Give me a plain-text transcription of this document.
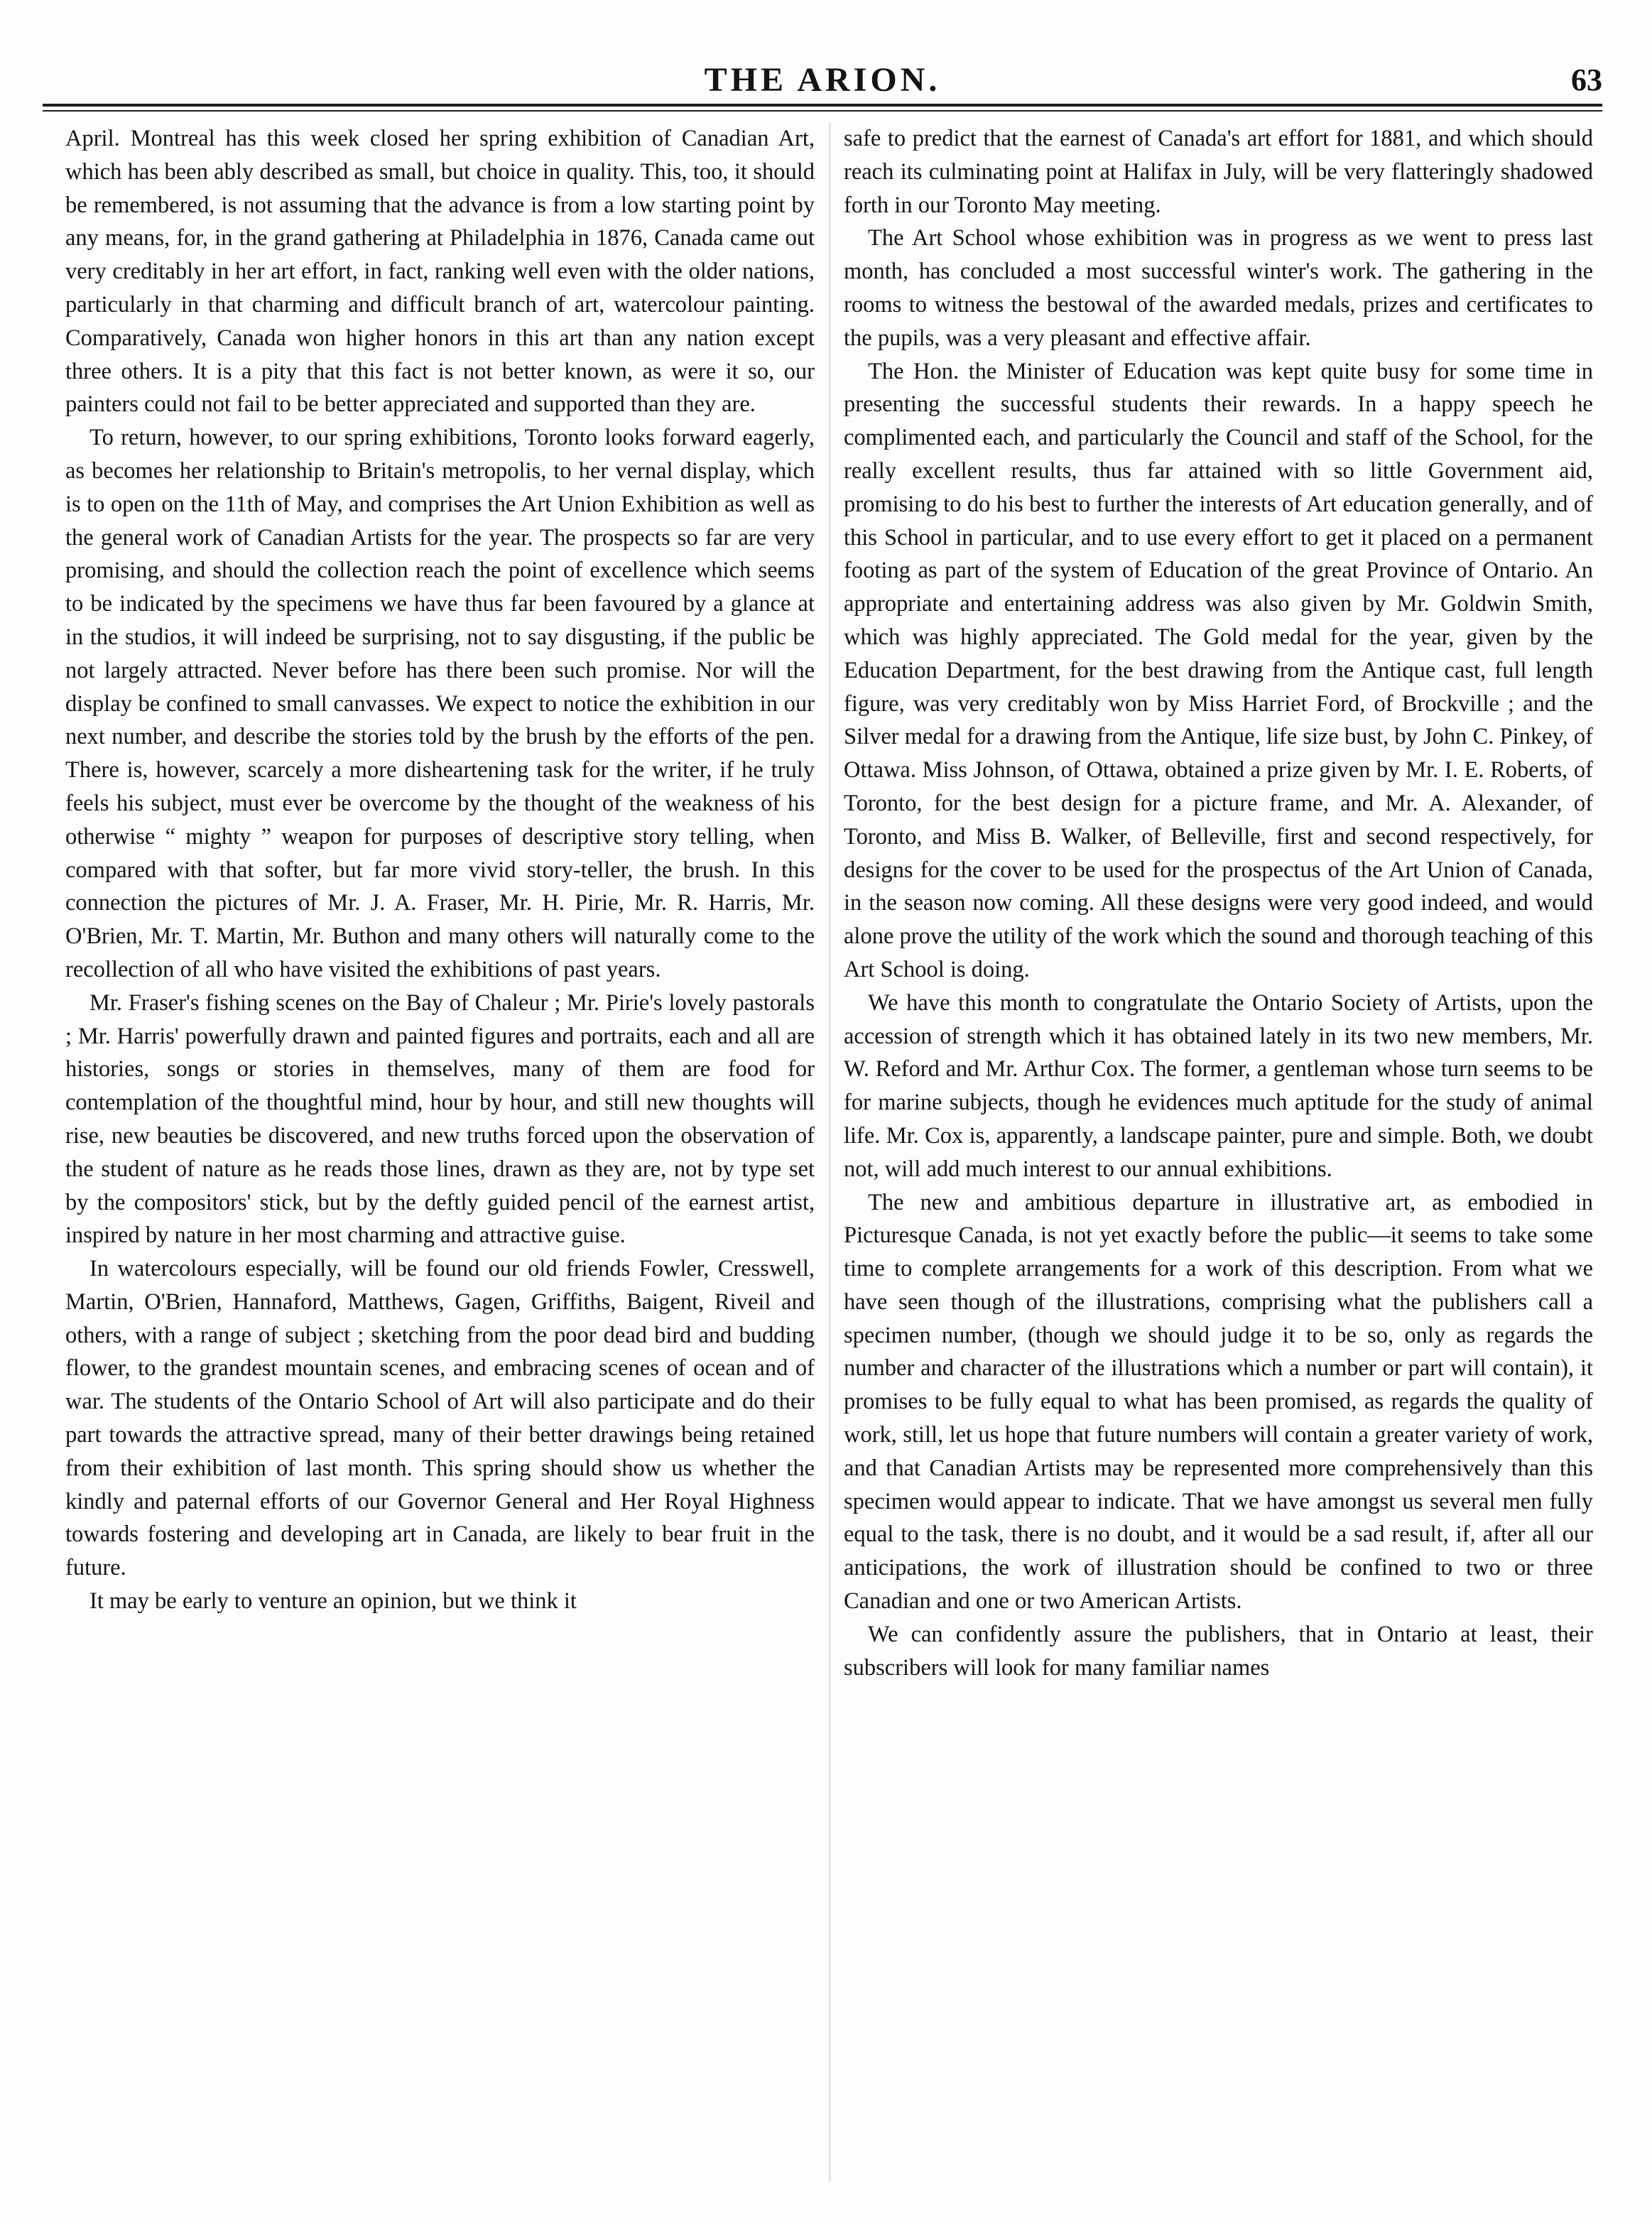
THE ARION.	63

April. Montreal has this week closed her spring exhibition of Canadian Art, which has been ably described as small, but choice in quality. This, too, it should be remembered, is not assuming that the advance is from a low starting point by any means, for, in the grand gathering at Philadelphia in 1876, Canada came out very creditably in her art effort, in fact, ranking well even with the older nations, particularly in that charming and difficult branch of art, watercolour painting. Comparatively, Canada won higher honors in this art than any nation except three others. It is a pity that this fact is not better known, as were it so, our painters could not fail to be better appreciated and supported than they are.

To return, however, to our spring exhibitions, Toronto looks forward eagerly, as becomes her relationship to Britain's metropolis, to her vernal display, which is to open on the 11th of May, and comprises the Art Union Exhibition as well as the general work of Canadian Artists for the year. The prospects so far are very promising, and should the collection reach the point of excellence which seems to be indicated by the specimens we have thus far been favoured by a glance at in the studios, it will indeed be surprising, not to say disgusting, if the public be not largely attracted. Never before has there been such promise. Nor will the display be confined to small canvasses. We expect to notice the exhibition in our next number, and describe the stories told by the brush by the efforts of the pen. There is, however, scarcely a more disheartening task for the writer, if he truly feels his subject, must ever be overcome by the thought of the weakness of his otherwise “ mighty ” weapon for purposes of descriptive story telling, when compared with that softer, but far more vivid story-teller, the brush. In this connection the pictures of Mr. J. A. Fraser, Mr. H. Pirie, Mr. R. Harris, Mr. O'Brien, Mr. T. Martin, Mr. Buthon and many others will naturally come to the recollection of all who have visited the exhibitions of past years.

Mr. Fraser's fishing scenes on the Bay of Chaleur ; Mr. Pirie's lovely pastorals ; Mr. Harris' powerfully drawn and painted figures and portraits, each and all are histories, songs or stories in themselves, many of them are food for contemplation of the thoughtful mind, hour by hour, and still new thoughts will rise, new beauties be discovered, and new truths forced upon the observation of the student of nature as he reads those lines, drawn as they are, not by type set by the compositors' stick, but by the deftly guided pencil of the earnest artist, inspired by nature in her most charming and attractive guise.

In watercolours especially, will be found our old friends Fowler, Cresswell, Martin, O'Brien, Hannaford, Matthews, Gagen, Griffiths, Baigent, Riveil and others, with a range of subject ; sketching from the poor dead bird and budding flower, to the grandest mountain scenes, and embracing scenes of ocean and of war. The students of the Ontario School of Art will also participate and do their part towards the attractive spread, many of their better drawings being retained from their exhibition of last month. This spring should show us whether the kindly and paternal efforts of our Governor General and Her Royal Highness towards fostering and developing art in Canada, are likely to bear fruit in the future.

It may be early to venture an opinion, but we think it

safe to predict that the earnest of Canada's art effort for 1881, and which should reach its culminating point at Halifax in July, will be very flatteringly shadowed forth in our Toronto May meeting.

The Art School whose exhibition was in progress as we went to press last month, has concluded a most successful winter's work. The gathering in the rooms to witness the bestowal of the awarded medals, prizes and certificates to the pupils, was a very pleasant and effective affair.

The Hon. the Minister of Education was kept quite busy for some time in presenting the successful students their rewards. In a happy speech he complimented each, and particularly the Council and staff of the School, for the really excellent results, thus far attained with so little Government aid, promising to do his best to further the interests of Art education generally, and of this School in particular, and to use every effort to get it placed on a permanent footing as part of the system of Education of the great Province of Ontario. An appropriate and entertaining address was also given by Mr. Goldwin Smith, which was highly appreciated. The Gold medal for the year, given by the Education Department, for the best drawing from the Antique cast, full length figure, was very creditably won by Miss Harriet Ford, of Brockville ; and the Silver medal for a drawing from the Antique, life size bust, by John C. Pinkey, of Ottawa. Miss Johnson, of Ottawa, obtained a prize given by Mr. I. E. Roberts, of Toronto, for the best design for a picture frame, and Mr. A. Alexander, of Toronto, and Miss B. Walker, of Belleville, first and second respectively, for designs for the cover to be used for the prospectus of the Art Union of Canada, in the season now coming. All these designs were very good indeed, and would alone prove the utility of the work which the sound and thorough teaching of this Art School is doing.

We have this month to congratulate the Ontario Society of Artists, upon the accession of strength which it has obtained lately in its two new members, Mr. W. Reford and Mr. Arthur Cox. The former, a gentleman whose turn seems to be for marine subjects, though he evidences much aptitude for the study of animal life. Mr. Cox is, apparently, a landscape painter, pure and simple. Both, we doubt not, will add much interest to our annual exhibitions.

The new and ambitious departure in illustrative art, as embodied in Picturesque Canada, is not yet exactly before the public—it seems to take some time to complete arrangements for a work of this description. From what we have seen though of the illustrations, comprising what the publishers call a specimen number, (though we should judge it to be so, only as regards the number and character of the illustrations which a number or part will contain), it promises to be fully equal to what has been promised, as regards the quality of work, still, let us hope that future numbers will contain a greater variety of work, and that Canadian Artists may be represented more comprehensively than this specimen would appear to indicate. That we have amongst us several men fully equal to the task, there is no doubt, and it would be a sad result, if, after all our anticipations, the work of illustration should be confined to two or three Canadian and one or two American Artists.

We can confidently assure the publishers, that in Ontario at least, their subscribers will look for many familiar names
